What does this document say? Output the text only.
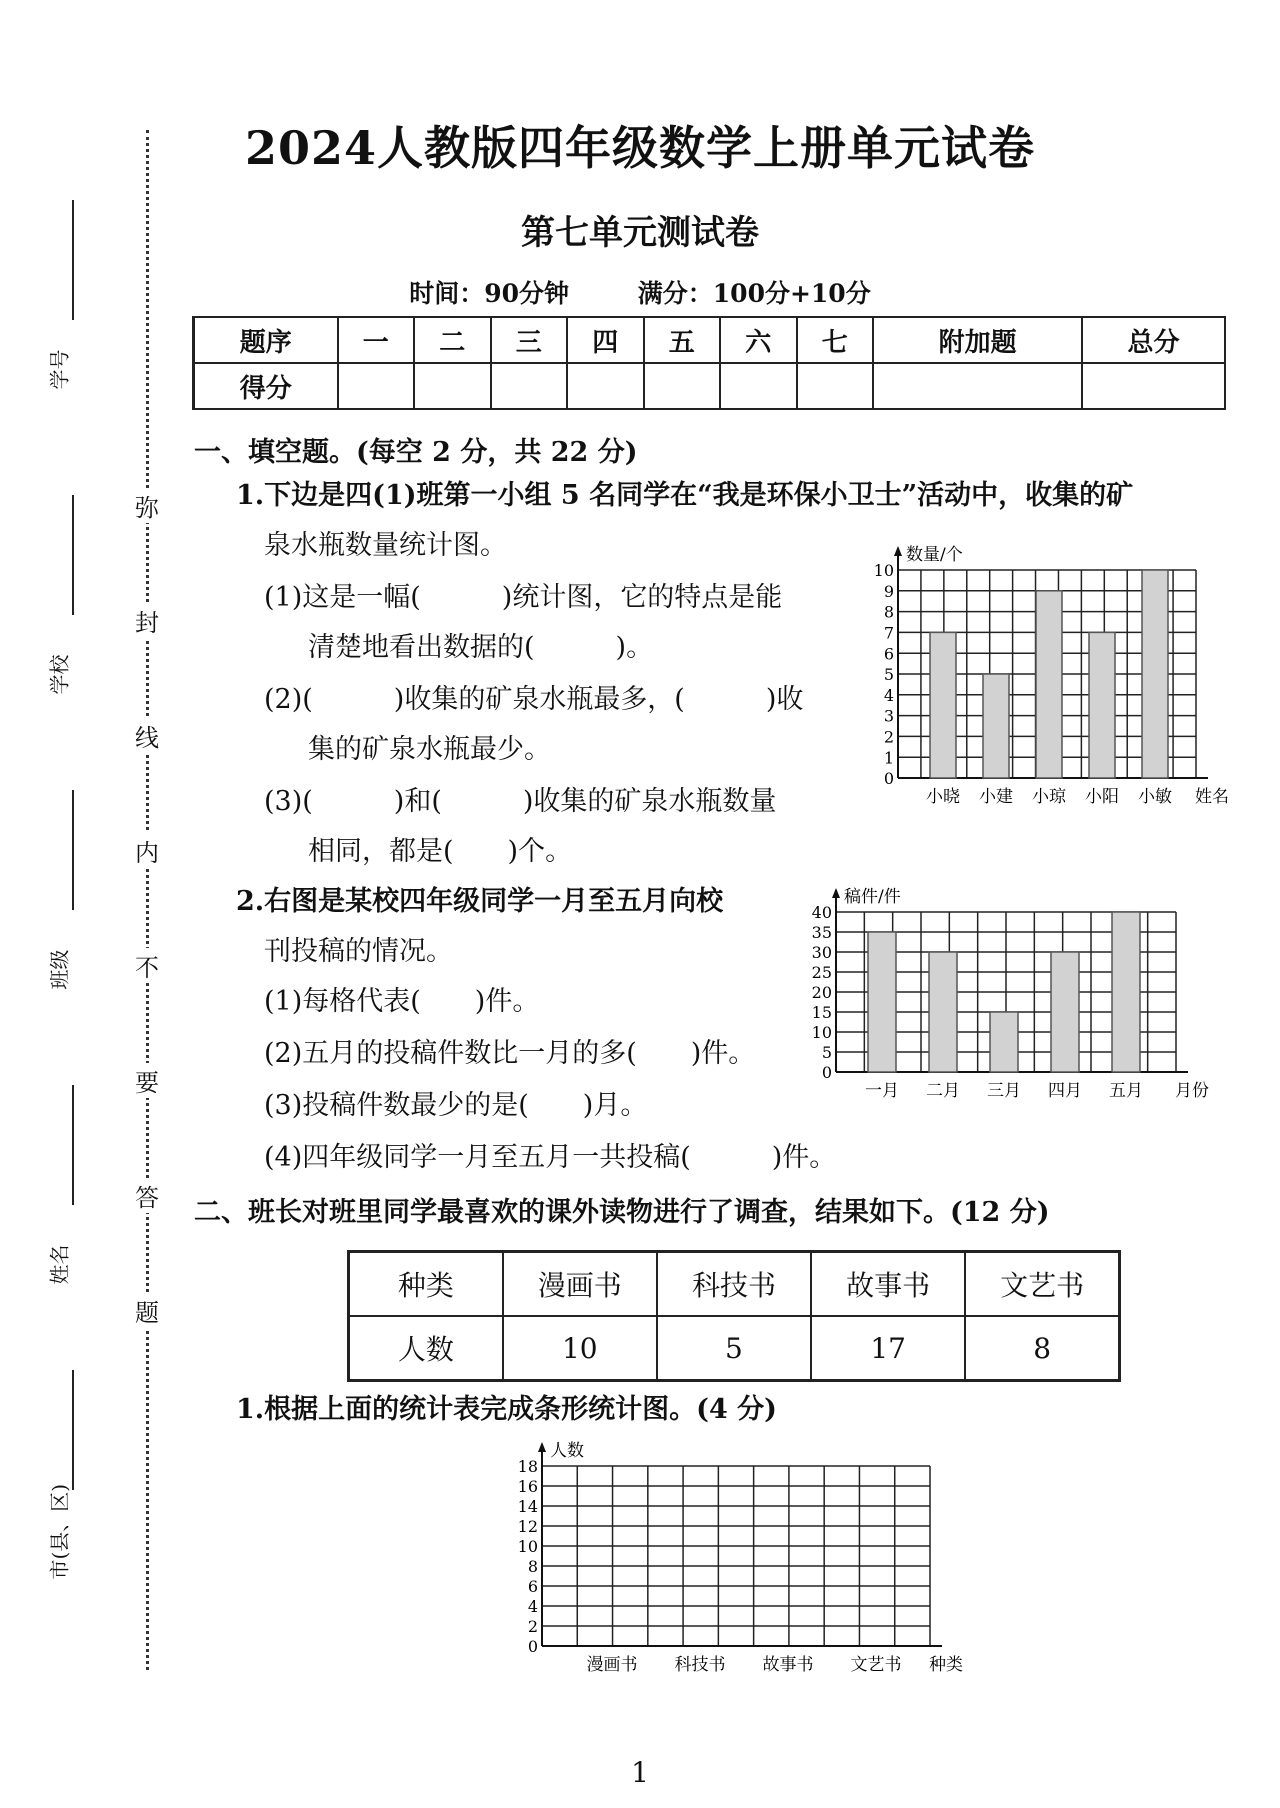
学号
学校
班级
姓名
市(县、区)
弥
封
线
内
不
要
答
题
2024人教版四年级数学上册单元试卷
第七单元测试卷
时间：90分钟	满分：100分+10分
题序	一	二	三	四	五	六	七	附加题	总分
得分									
一、填空题。(每空 2 分，共 22 分)
1.下边是四(1)班第一小组 5 名同学在“我是环保小卫士”活动中，收集的矿
泉水瓶数量统计图。
(1)这是一幅(　　　)统计图，它的特点是能
清楚地看出数据的(　　　)。
(2)(　　　)收集的矿泉水瓶最多，(　　　)收
集的矿泉水瓶最少。
(3)(　　　)和(　　　)收集的矿泉水瓶数量
相同，都是(　　)个。
0
1
2
3
4
5
6
7
8
9
10
数量/个
小晓 小建 小琼 小阳 小敏 姓名
2.右图是某校四年级同学一月至五月向校
刊投稿的情况。
(1)每格代表(　　)件。
(2)五月的投稿件数比一月的多(　　)件。
(3)投稿件数最少的是(　　)月。
(4)四年级同学一月至五月一共投稿(　　　)件。
0
5
10
15
20
25
30
35
40
稿件/件
一月 二月 三月 四月 五月 月份
二、班长对班里同学最喜欢的课外读物进行了调查，结果如下。(12 分)
种类	漫画书	科技书	故事书	文艺书
人数	10	5	17	8
1.根据上面的统计表完成条形统计图。(4 分)
0
2
4
6
8
10
12
14
16
18
人数
漫画书 科技书 故事书 文艺书 种类
1
